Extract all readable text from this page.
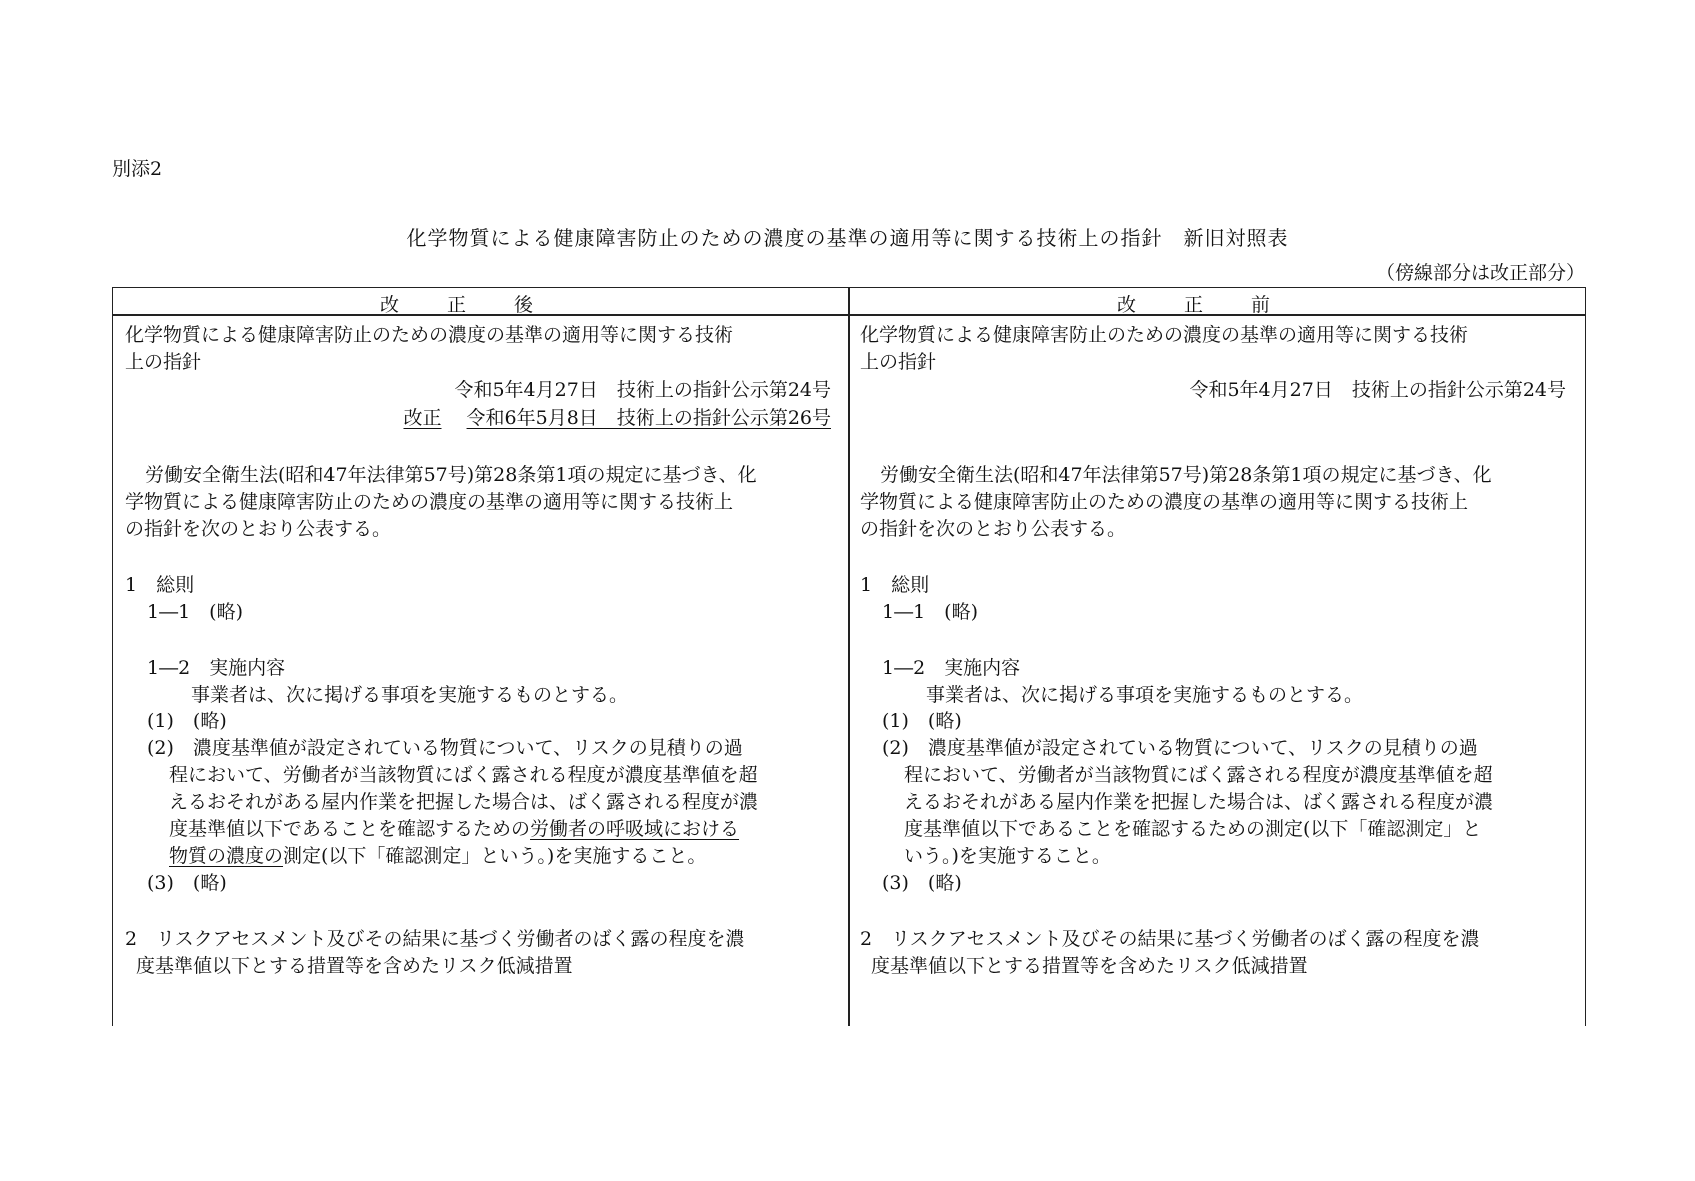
別添2
化学物質による健康障害防止のための濃度の基準の適用等に関する技術上の指針　新旧対照表
（傍線部分は改正部分）
改正後	改正前
化学物質による健康障害防止のための濃度の基準の適用等に関する技術
上の指針
令和5年4月27日　技術上の指針公示第24号
改正　 令和6年5月8日　技術上の指針公示第26号
労働安全衛生法(昭和47年法律第57号)第28条第1項の規定に基づき、化
学物質による健康障害防止のための濃度の基準の適用等に関する技術上
の指針を次のとおり公表する。
1　総則
1―1　(略)
1―2　実施内容
事業者は、次に掲げる事項を実施するものとする。
(1)　(略)
(2)　濃度基準値が設定されている物質について、リスクの見積りの過
程において、労働者が当該物質にばく露される程度が濃度基準値を超
えるおそれがある屋内作業を把握した場合は、ばく露される程度が濃
度基準値以下であることを確認するための労働者の呼吸域における
物質の濃度の測定(以下「確認測定」という。)を実施すること。
(3)　(略)
2　リスクアセスメント及びその結果に基づく労働者のばく露の程度を濃
度基準値以下とする措置等を含めたリスク低減措置
化学物質による健康障害防止のための濃度の基準の適用等に関する技術
上の指針
令和5年4月27日　技術上の指針公示第24号
労働安全衛生法(昭和47年法律第57号)第28条第1項の規定に基づき、化
学物質による健康障害防止のための濃度の基準の適用等に関する技術上
の指針を次のとおり公表する。
1　総則
1―1　(略)
1―2　実施内容
事業者は、次に掲げる事項を実施するものとする。
(1)　(略)
(2)　濃度基準値が設定されている物質について、リスクの見積りの過
程において、労働者が当該物質にばく露される程度が濃度基準値を超
えるおそれがある屋内作業を把握した場合は、ばく露される程度が濃
度基準値以下であることを確認するための測定(以下「確認測定」と
いう。)を実施すること。
(3)　(略)
2　リスクアセスメント及びその結果に基づく労働者のばく露の程度を濃
度基準値以下とする措置等を含めたリスク低減措置
